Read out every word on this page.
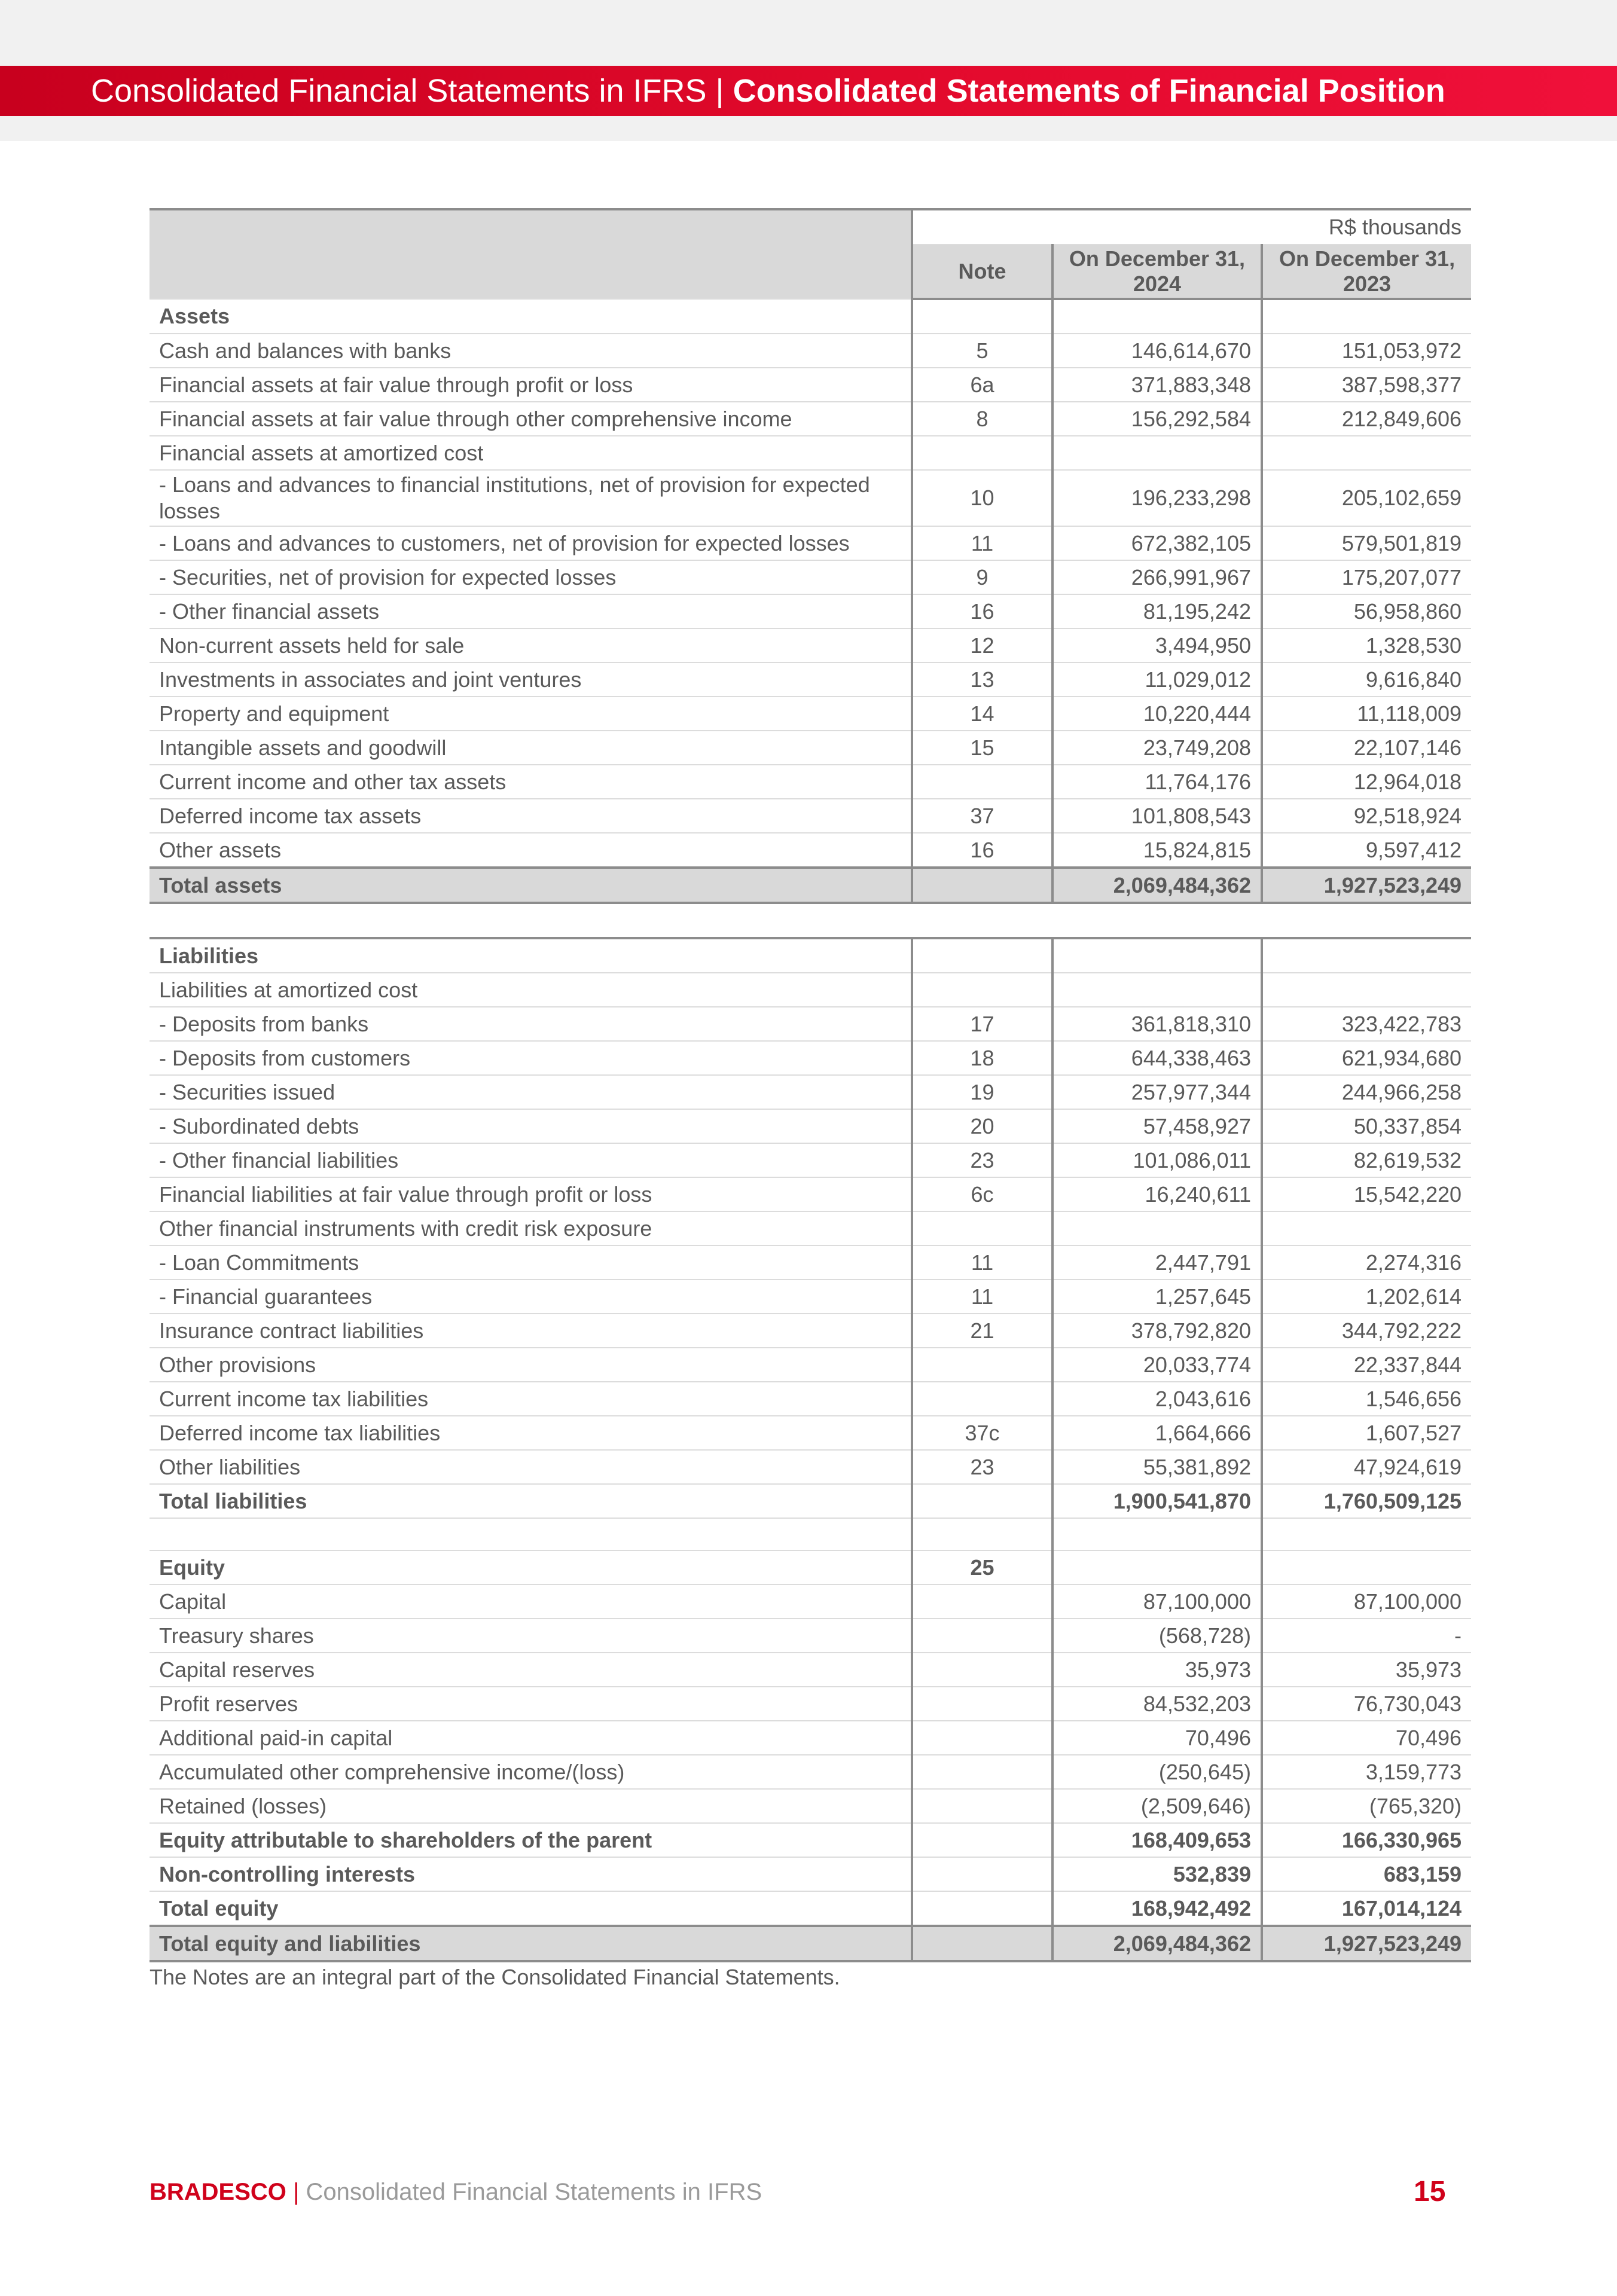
Consolidated Financial Statements in IFRS | Consolidated Statements of Financial Position
	R$ thousands		
	Note	On December 31, 2024	On December 31, 2023
Assets			
Cash and balances with banks	5	146,614,670	151,053,972
Financial assets at fair value through profit or loss	6a	371,883,348	387,598,377
Financial assets at fair value through other comprehensive income	8	156,292,584	212,849,606
Financial assets at amortized cost			
- Loans and advances to financial institutions, net of provision for expected losses	10	196,233,298	205,102,659
- Loans and advances to customers, net of provision for expected losses	11	672,382,105	579,501,819
- Securities, net of provision for expected losses	9	266,991,967	175,207,077
- Other financial assets	16	81,195,242	56,958,860
Non-current assets held for sale	12	3,494,950	1,328,530
Investments in associates and joint ventures	13	11,029,012	9,616,840
Property and equipment	14	10,220,444	11,118,009
Intangible assets and goodwill	15	23,749,208	22,107,146
Current income and other tax assets		11,764,176	12,964,018
Deferred income tax assets	37	101,808,543	92,518,924
Other assets	16	15,824,815	9,597,412
Total assets		2,069,484,362	1,927,523,249

Liabilities			
Liabilities at amortized cost			
- Deposits from banks	17	361,818,310	323,422,783
- Deposits from customers	18	644,338,463	621,934,680
- Securities issued	19	257,977,344	244,966,258
- Subordinated debts	20	57,458,927	50,337,854
- Other financial liabilities	23	101,086,011	82,619,532
Financial liabilities at fair value through profit or loss	6c	16,240,611	15,542,220
Other financial instruments with credit risk exposure			
- Loan Commitments	11	2,447,791	2,274,316
- Financial guarantees	11	1,257,645	1,202,614
Insurance contract liabilities	21	378,792,820	344,792,222
Other provisions		20,033,774	22,337,844
Current income tax liabilities		2,043,616	1,546,656
Deferred income tax liabilities	37c	1,664,666	1,607,527
Other liabilities	23	55,381,892	47,924,619
Total liabilities		1,900,541,870	1,760,509,125

Equity	25		
Capital		87,100,000	87,100,000
Treasury shares		(568,728)	-
Capital reserves		35,973	35,973
Profit reserves		84,532,203	76,730,043
Additional paid-in capital		70,496	70,496
Accumulated other comprehensive income/(loss)		(250,645)	3,159,773
Retained (losses)		(2,509,646)	(765,320)
Equity attributable to shareholders of the parent		168,409,653	166,330,965
Non-controlling interests		532,839	683,159
Total equity		168,942,492	167,014,124
Total equity and liabilities		2,069,484,362	1,927,523,249
The Notes are an integral part of the Consolidated Financial Statements.
BRADESCO | Consolidated Financial Statements in IFRS	15
